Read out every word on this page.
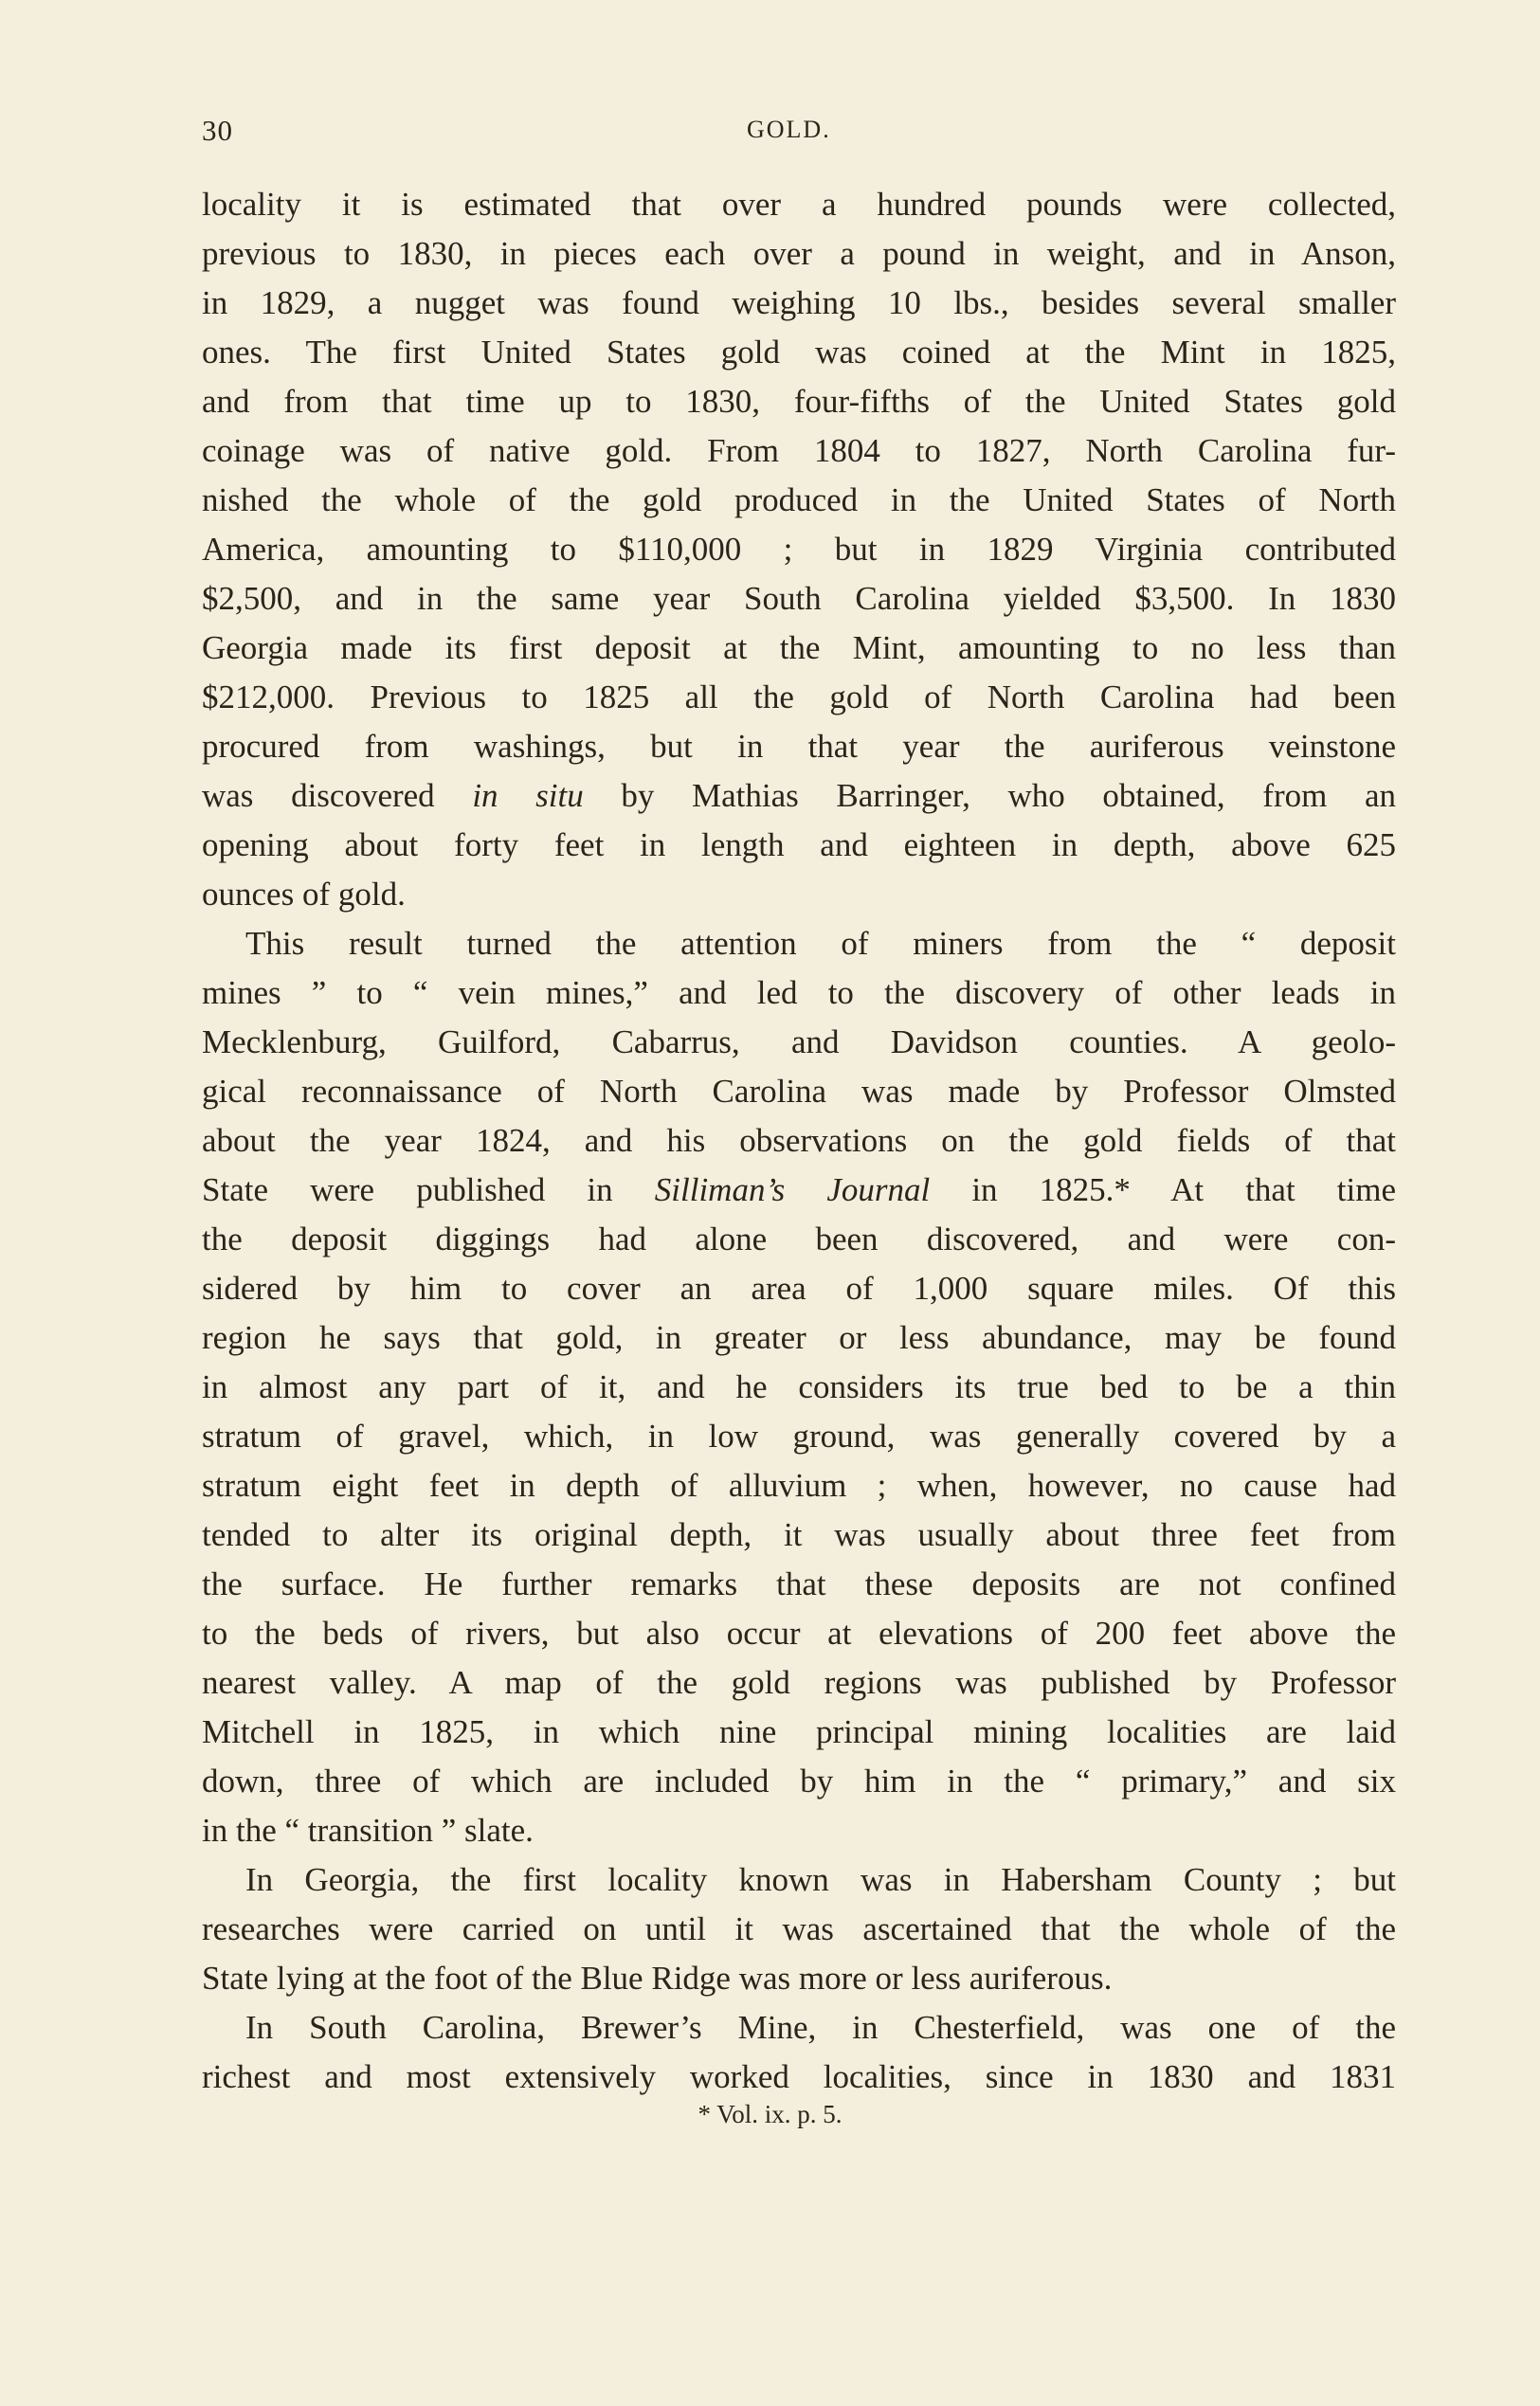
30	GOLD.
locality it is estimated that over a hundred pounds were collected,
previous to 1830, in pieces each over a pound in weight, and in Anson,
in 1829, a nugget was found weighing 10 lbs., besides several smaller
ones. The first United States gold was coined at the Mint in 1825,
and from that time up to 1830, four-fifths of the United States gold
coinage was of native gold. From 1804 to 1827, North Carolina fur-
nished the whole of the gold produced in the United States of North
America, amounting to $110,000 ; but in 1829 Virginia contributed
$2,500, and in the same year South Carolina yielded $3,500. In 1830
Georgia made its first deposit at the Mint, amounting to no less than
$212,000. Previous to 1825 all the gold of North Carolina had been
procured from washings, but in that year the auriferous veinstone
was discovered in situ by Mathias Barringer, who obtained, from an
opening about forty feet in length and eighteen in depth, above 625
ounces of gold.
This result turned the attention of miners from the “ deposit
mines ” to “ vein mines,” and led to the discovery of other leads in
Mecklenburg, Guilford, Cabarrus, and Davidson counties. A geolo-
gical reconnaissance of North Carolina was made by Professor Olmsted
about the year 1824, and his observations on the gold fields of that
State were published in Silliman’s Journal in 1825.* At that time
the deposit diggings had alone been discovered, and were con-
sidered by him to cover an area of 1,000 square miles. Of this
region he says that gold, in greater or less abundance, may be found
in almost any part of it, and he considers its true bed to be a thin
stratum of gravel, which, in low ground, was generally covered by a
stratum eight feet in depth of alluvium ; when, however, no cause had
tended to alter its original depth, it was usually about three feet from
the surface. He further remarks that these deposits are not confined
to the beds of rivers, but also occur at elevations of 200 feet above the
nearest valley. A map of the gold regions was published by Professor
Mitchell in 1825, in which nine principal mining localities are laid
down, three of which are included by him in the “ primary,” and six
in the “ transition ” slate.
In Georgia, the first locality known was in Habersham County ; but
researches were carried on until it was ascertained that the whole of the
State lying at the foot of the Blue Ridge was more or less auriferous.
In South Carolina, Brewer’s Mine, in Chesterfield, was one of the
richest and most extensively worked localities, since in 1830 and 1831
* Vol. ix. p. 5.
